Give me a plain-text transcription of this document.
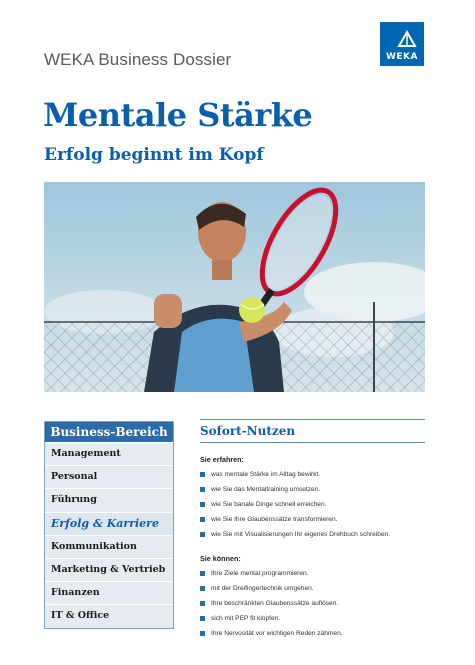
WEKA Business Dossier	WEKA
Mentale Stärke
Erfolg beginnt im Kopf
Business-Bereich
Management
Personal
Führung
Erfolg & Karriere
Kommunikation
Marketing & Vertrieb
Finanzen
IT & Office
Sofort-Nutzen
Sie erfahren:
was mentale Stärke im Alltag bewirkt.
wie Sie das Mentaltraining umsetzen.
wie Sie banale Dinge schnell erreichen.
wie Sie Ihre Glaubenssätze transformieren.
wie Sie mit Visualisierungen Ihr eigenes Drehbuch schreiben.
Sie können:
Ihre Ziele mental programmieren.
mit der Dreifingertechnik umgehen.
Ihre beschränkten Glaubenssätze auflösen.
sich mit PEP fit klopfen.
Ihre Nervosität vor wichtigen Reden zähmen.
